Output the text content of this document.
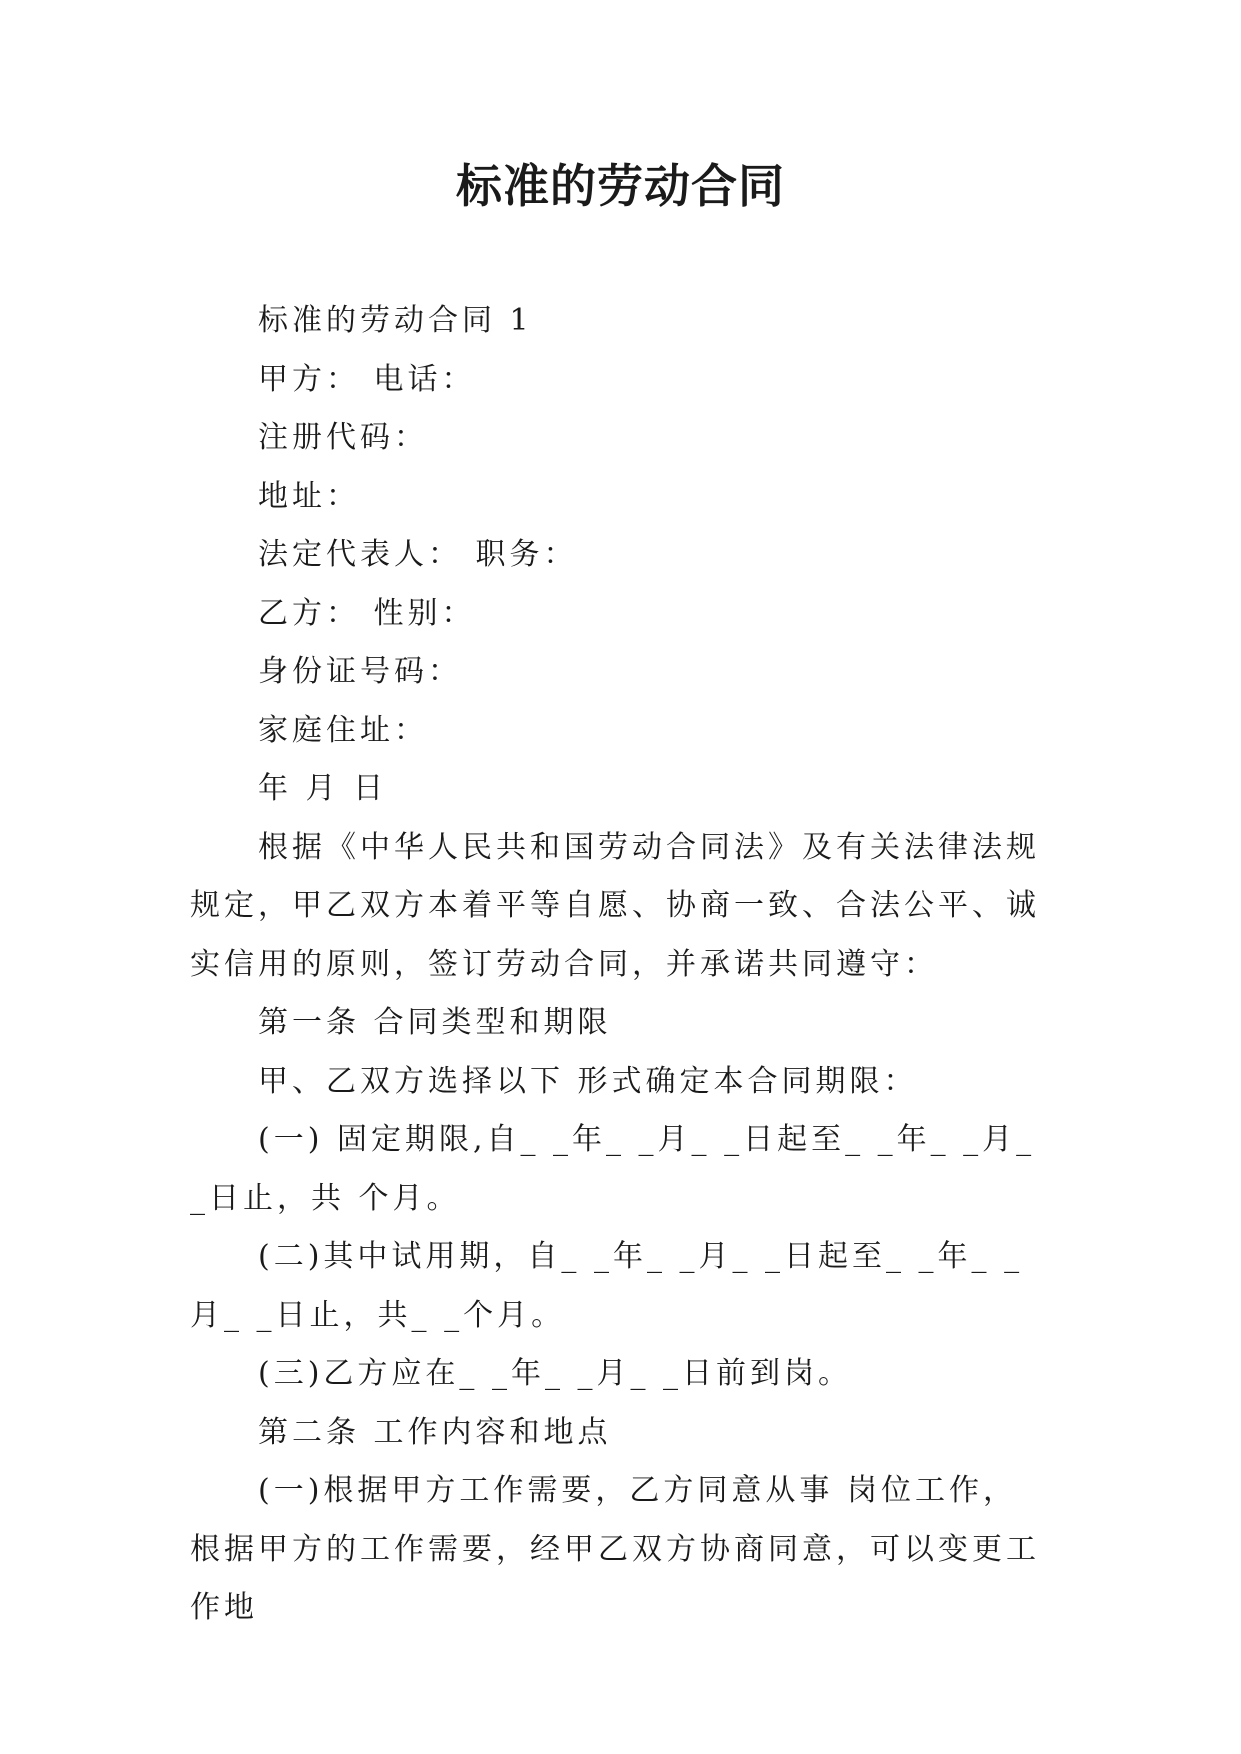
标准的劳动合同

标准的劳动合同 1

甲方： 电话：

注册代码：

地址：

法定代表人： 职务：

乙方： 性别：

身份证号码：

家庭住址：

年 月 日

根据《中华人民共和国劳动合同法》及有关法律法规规定，甲乙双方本着平等自愿、协商一致、合法公平、诚实信用的原则，签订劳动合同，并承诺共同遵守：

第一条 合同类型和期限

甲、乙双方选择以下 形式确定本合同期限：

(一) 固定期限,自_ _年_ _月_ _日起至_ _年_ _月_ _日止，共 个月。

(二)其中试用期，自_ _年_ _月_ _日起至_ _年_ _月_ _日止，共_ _个月。

(三)乙方应在_ _年_ _月_ _日前到岗。

第二条 工作内容和地点

(一)根据甲方工作需要，乙方同意从事 岗位工作， 根据甲方的工作需要，经甲乙双方协商同意，可以变更工作地
